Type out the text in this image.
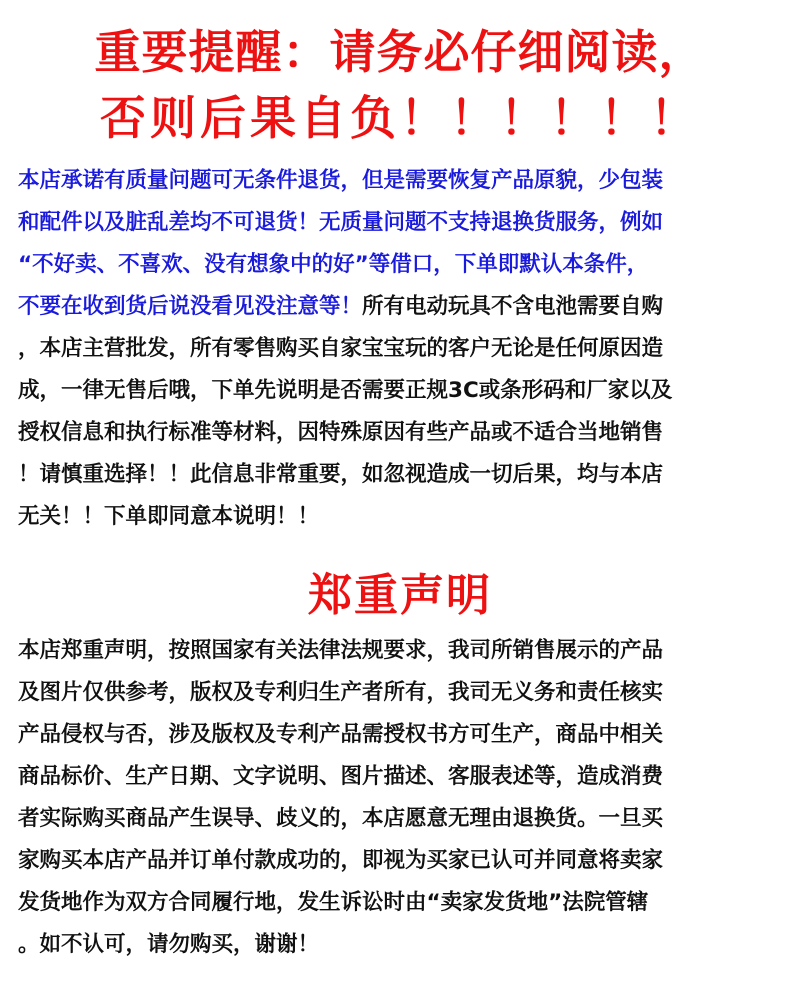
重要提醒：请务必仔细阅读，
否则后果自负！！！！！！
本店承诺有质量问题可无条件退货，但是需要恢复产品原貌，少包装
和配件以及脏乱差均不可退货！无质量问题不支持退换货服务，例如
“不好卖、不喜欢、没有想象中的好”等借口，下单即默认本条件，
不要在收到货后说没看见没注意等！所有电动玩具不含电池需要自购
，本店主营批发，所有零售购买自家宝宝玩的客户无论是任何原因造
成，一律无售后哦，下单先说明是否需要正规3C或条形码和厂家以及
授权信息和执行标准等材料，因特殊原因有些产品或不适合当地销售
！请慎重选择！！此信息非常重要，如忽视造成一切后果，均与本店
无关！！下单即同意本说明！！
郑重声明
本店郑重声明，按照国家有关法律法规要求，我司所销售展示的产品
及图片仅供参考，版权及专利归生产者所有，我司无义务和责任核实
产品侵权与否，涉及版权及专利产品需授权书方可生产，商品中相关
商品标价、生产日期、文字说明、图片描述、客服表述等，造成消费
者实际购买商品产生误导、歧义的，本店愿意无理由退换货。一旦买
家购买本店产品并订单付款成功的，即视为买家已认可并同意将卖家
发货地作为双方合同履行地，发生诉讼时由“卖家发货地”法院管辖
。如不认可，请勿购买，谢谢！
